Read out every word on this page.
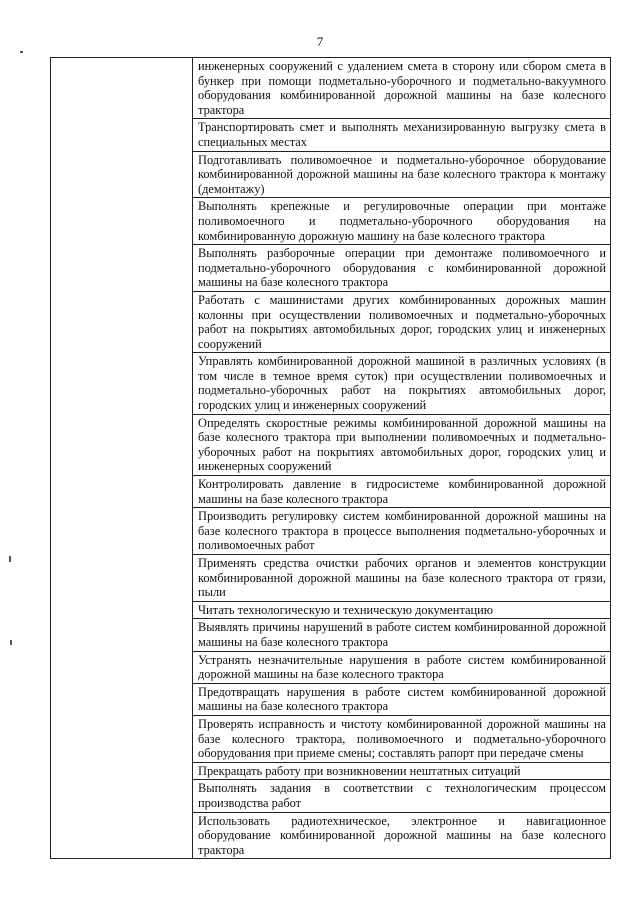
7

инженерных сооружений с удалением смета в сторону или сбором смета в бункер при помощи подметально-уборочного и подметально-вакуумного оборудования комбинированной дорожной машины на базе колесного трактора
Транспортировать смет и выполнять механизированную выгрузку смета в специальных местах
Подготавливать поливомоечное и подметально-уборочное оборудование комбинированной дорожной машины на базе колесного трактора к монтажу (демонтажу)
Выполнять крепежные и регулировочные операции при монтаже поливомоечного и подметально-уборочного оборудования на комбинированную дорожную машину на базе колесного трактора
Выполнять разборочные операции при демонтаже поливомоечного и подметально-уборочного оборудования с комбинированной дорожной машины на базе колесного трактора
Работать с машинистами других комбинированных дорожных машин колонны при осуществлении поливомоечных и подметально-уборочных работ на покрытиях автомобильных дорог, городских улиц и инженерных сооружений
Управлять комбинированной дорожной машиной в различных условиях (в том числе в темное время суток) при осуществлении поливомоечных и подметально-уборочных работ на покрытиях автомобильных дорог, городских улиц и инженерных сооружений
Определять скоростные режимы комбинированной дорожной машины на базе колесного трактора при выполнении поливомоечных и подметально-уборочных работ на покрытиях автомобильных дорог, городских улиц и инженерных сооружений
Контролировать давление в гидросистеме комбинированной дорожной машины на базе колесного трактора
Производить регулировку систем комбинированной дорожной машины на базе колесного трактора в процессе выполнения подметально-уборочных и поливомоечных работ
Применять средства очистки рабочих органов и элементов конструкции комбинированной дорожной машины на базе колесного трактора от грязи, пыли
Читать технологическую и техническую документацию
Выявлять причины нарушений в работе систем комбинированной дорожной машины на базе колесного трактора
Устранять незначительные нарушения в работе систем комбинированной дорожной машины на базе колесного трактора
Предотвращать нарушения в работе систем комбинированной дорожной машины на базе колесного трактора
Проверять исправность и чистоту комбинированной дорожной машины на базе колесного трактора, поливомоечного и подметально-уборочного оборудования при приеме смены; составлять рапорт при передаче смены
Прекращать работу при возникновении нештатных ситуаций
Выполнять задания в соответствии с технологическим процессом производства работ
Использовать радиотехническое, электронное и навигационное оборудование комбинированной дорожной машины на базе колесного трактора
